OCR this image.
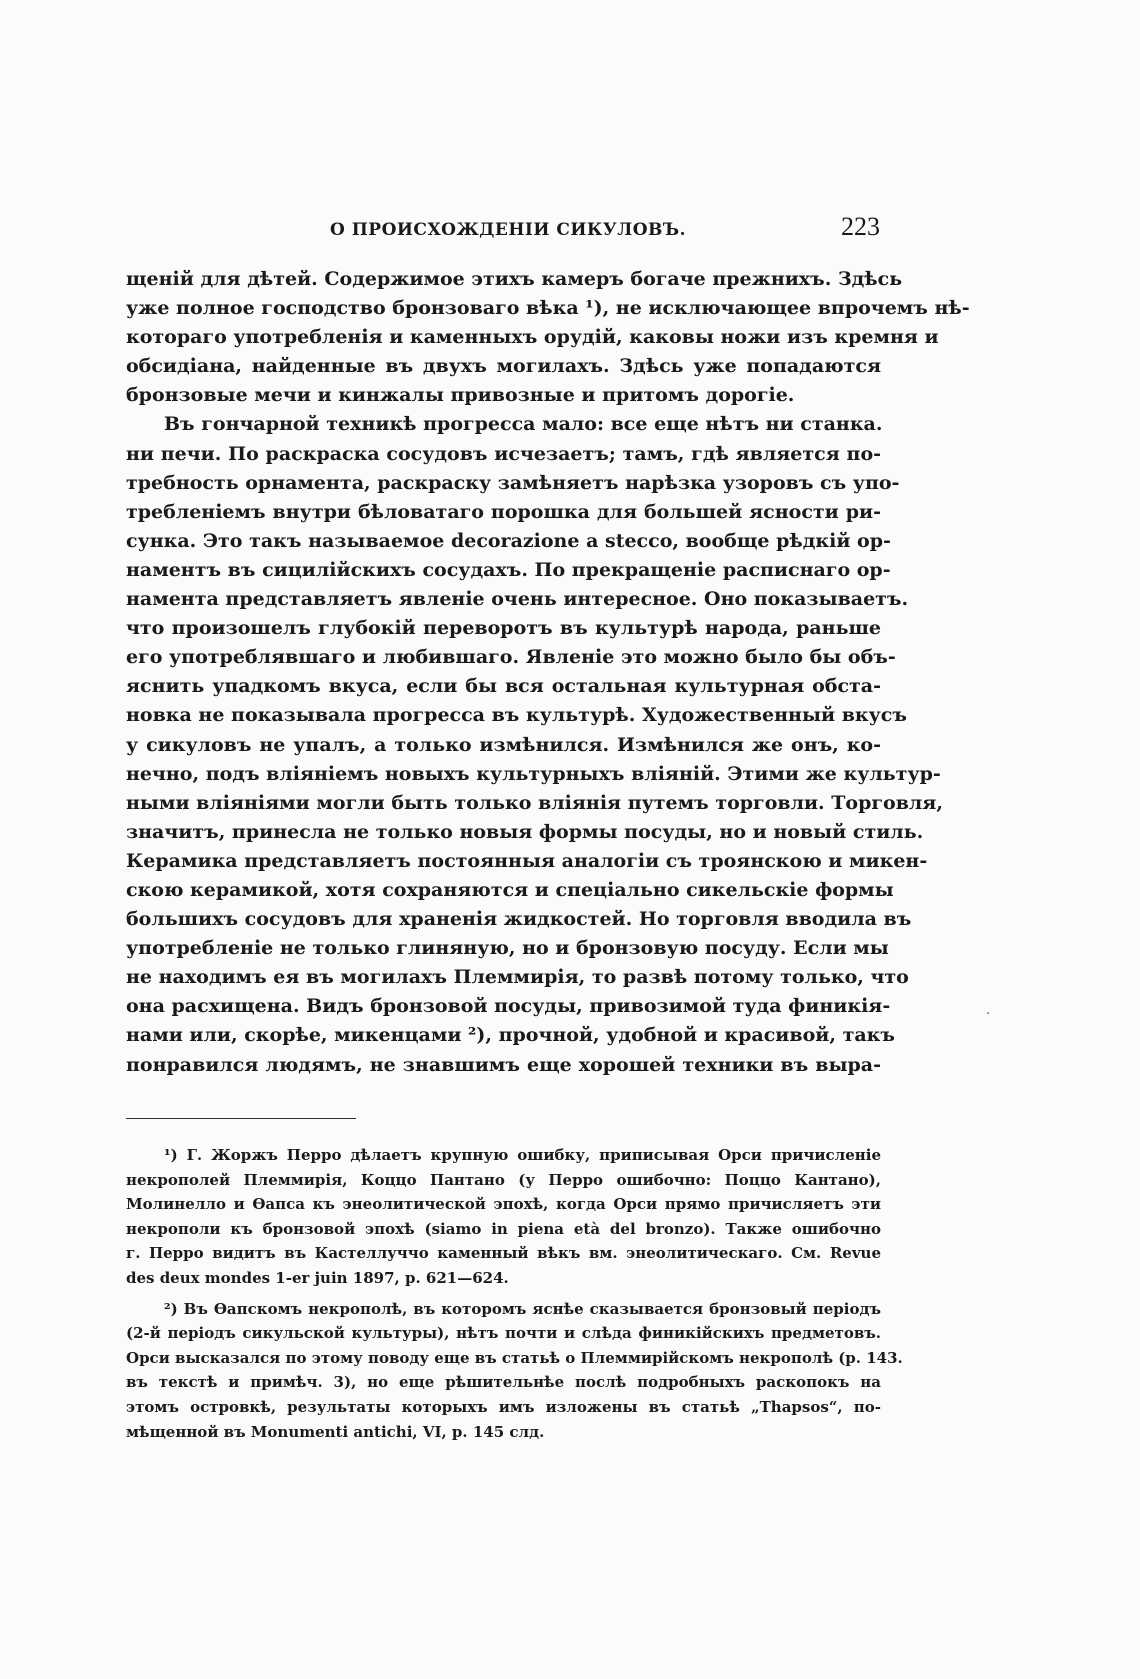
О ПРОИСХОЖДЕНІИ СИКУЛОВЪ.	223
щеній для дѣтей. Содержимое этихъ камеръ богаче прежнихъ. Здѣсь
уже полное господство бронзоваго вѣка ¹), не исключающее впрочемъ нѣ-
котораго употребленія и каменныхъ орудій, каковы ножи изъ кремня и
обсидіана, найденные въ двухъ могилахъ. Здѣсь уже попадаются
бронзовые мечи и кинжалы привозные и притомъ дорогіе.
Въ гончарной техникѣ прогресса мало: все еще нѣтъ ни станка.
ни печи. По раскраска сосудовъ исчезаетъ; тамъ, гдѣ является по-
требность орнамента, раскраску замѣняетъ нарѣзка узоровъ съ упо-
требленіемъ внутри бѣловатаго порошка для большей ясности ри-
сунка. Это такъ называемое decorazione a stecco, вообще рѣдкій ор-
наментъ въ сицилійскихъ сосудахъ. По прекращеніе расписнаго ор-
намента представляетъ явленіе очень интересное. Оно показываетъ.
что произошелъ глубокій переворотъ въ культурѣ народа, раньше
его употреблявшаго и любившаго. Явленіе это можно было бы объ-
яснить упадкомъ вкуса, если бы вся остальная культурная обста-
новка не показывала прогресса въ культурѣ. Художественный вкусъ
у сикуловъ не упалъ, а только измѣнился. Измѣнился же онъ, ко-
нечно, подъ вліяніемъ новыхъ культурныхъ вліяній. Этими же культур-
ными вліяніями могли быть только вліянія путемъ торговли. Торговля,
значитъ, принесла не только новыя формы посуды, но и новый стиль.
Керамика представляетъ постоянныя аналогіи съ троянскою и микен-
скою керамикой, хотя сохраняются и спеціально сикельскіе формы
большихъ сосудовъ для храненія жидкостей. Но торговля вводила въ
употребленіе не только глиняную, но и бронзовую посуду. Если мы
не находимъ ея въ могилахъ Племмирія, то развѣ потому только, что
она расхищена. Видъ бронзовой посуды, привозимой туда финикія-
нами или, скорѣе, микенцами ²), прочной, удобной и красивой, такъ
понравился людямъ, не знавшимъ еще хорошей техники въ выра-
¹) Г. Жоржъ Перро дѣлаетъ крупную ошибку, приписывая Орси причисленіе
некрополей Племмирія, Коццо Пантано (у Перро ошибочно: Поццо Кантано),
Молинелло и Өапса къ энеолитической эпохѣ, когда Орси прямо причисляетъ эти
некрополи къ бронзовой эпохѣ (siamo in piena età del bronzo). Также ошибочно
г. Перро видитъ въ Кастеллуччо каменный вѣкъ вм. энеолитическаго. См. Revue
des deux mondes 1-er juin 1897, p. 621—624.
²) Въ Өапскомъ некрополѣ, въ которомъ яснѣе сказывается бронзовый періодъ
(2-й періодъ сикульской культуры), нѣтъ почти и слѣда финикійскихъ предметовъ.
Орси высказался по этому поводу еще въ статьѣ о Племмирійскомъ некрополѣ (p. 143.
въ текстѣ и примѣч. 3), но еще рѣшительнѣе послѣ подробныхъ раскопокъ на
этомъ островкѣ, результаты которыхъ имъ изложены въ статьѣ „Thapsos“, по-
мѣщенной въ Monumenti antichi, VI, p. 145 слд.
·
